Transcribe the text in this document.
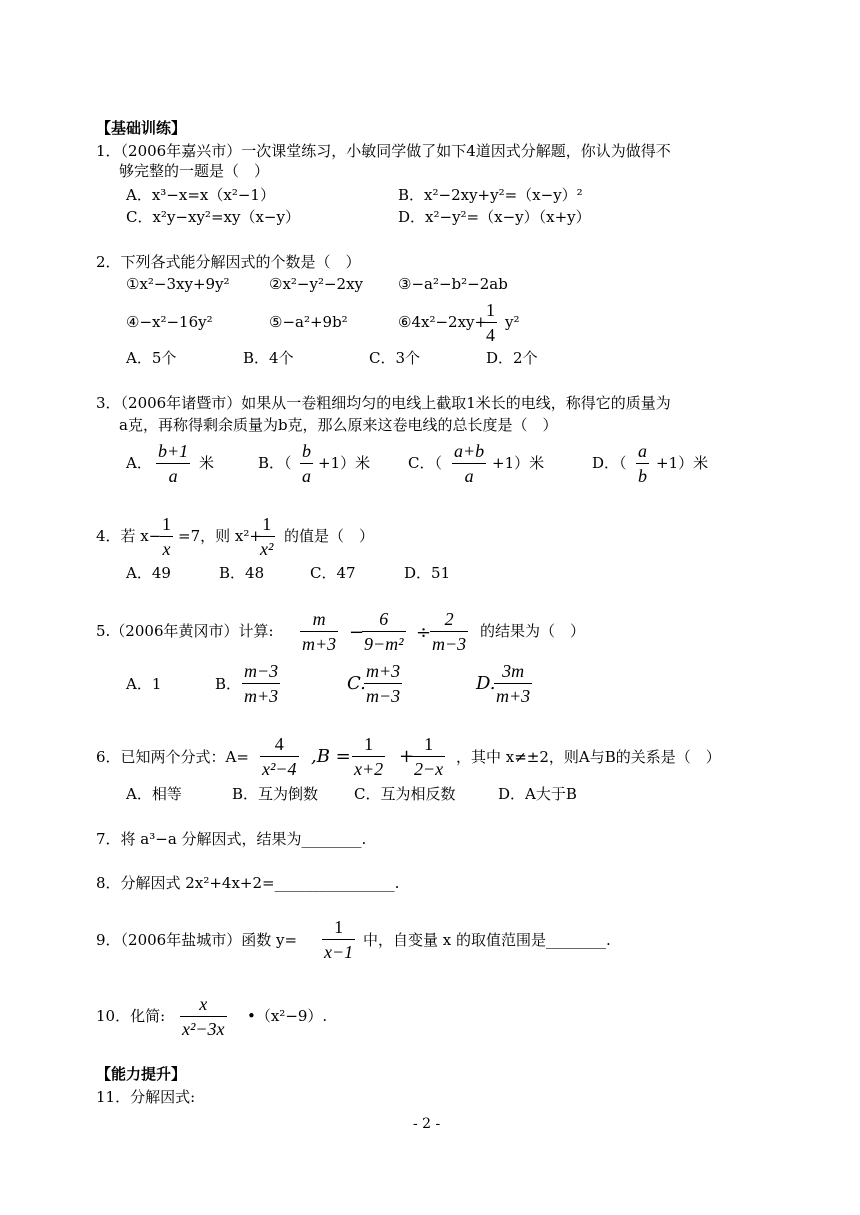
【基础训练】
1．（2006年嘉兴市）一次课堂练习，小敏同学做了如下4道因式分解题，你认为做得不
够完整的一题是（　）
A．x³−x=x（x²−1）	B．x²−2xy+y²=（x−y）²
C．x²y−xy²=xy（x−y）	D．x²−y²=（x−y）（x+y）
2．下列各式能分解因式的个数是（　）
①x²−3xy+9y²	②x²−y²−2xy ③−a²−b²−2ab
④−x²−16y²	⑤−a²+9b²	⑥4x²−2xy+
1
4
y²
A．5个	B．4个	C．3个	D．2个
3．（2006年诸暨市）如果从一卷粗细均匀的电线上截取1米长的电线，称得它的质量为
a克，再称得剩余质量为b克，那么原来这卷电线的总长度是（　）
A．
b+1
a
米	B．（
b
a
+1）米	C．（
a+b
a
+1）米	D．（
a
b
+1）米
4．若 x−
1
x
=7，则 x²+
1
x²
的值是（　）
A．49	B．48	C．47	D．51
5.（2006年黄冈市）计算:
m
m+3
−
6
9−m²
÷
2
m−3
的结果为（　）
A．1	B．
m−3
m+3
C.
m+3
m−3
D.
3m
m+3
6．已知两个分式：A=
4
x²−4
,B =
1
x+2
+
1
2−x
，其中 x≠±2，则A与B的关系是（　）
A．相等	B．互为倒数 C．互为相反数	D．A大于B
7．将 a³−a 分解因式，结果为________.
8．分解因式 2x²+4x+2=________________.
9．（2006年盐城市）函数 y=
1
x−1
中，自变量 x 的取值范围是________.
10．化简:
x
x²−3x
•（x²−9）.
【能力提升】
11．分解因式:
- 2 -
